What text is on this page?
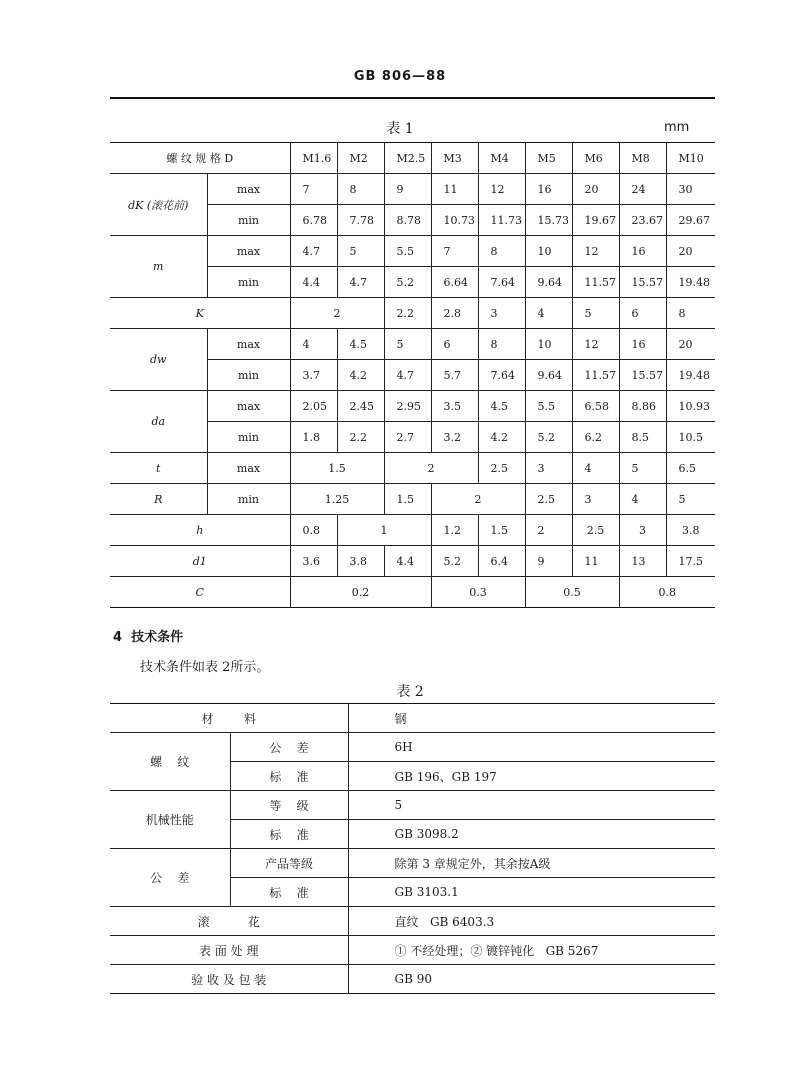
GB 806—88
表 1	mm
螺 纹 规 格 D		M1.6	M2	M2.5	M3	M4	M5	M6	M8	M10
dK (滚花前)	max	7	8	9	11	12	16	20	24	30
	min	6.78	7.78	8.78	10.73	11.73	15.73	19.67	23.67	29.67
m	max	4.7	5	5.5	7	8	10	12	16	20
	min	4.4	4.7	5.2	6.64	7.64	9.64	11.57	15.57	19.48
K		2		2.2	2.8	3	4	5	6	8
dw	max	4	4.5	5	6	8	10	12	16	20
	min	3.7	4.2	4.7	5.7	7.64	9.64	11.57	15.57	19.48
da	max	2.05	2.45	2.95	3.5	4.5	5.5	6.58	8.86	10.93
	min	1.8	2.2	2.7	3.2	4.2	5.2	6.2	8.5	10.5
t	max	1.5		2		2.5	3	4	5	6.5
R	min	1.25		1.5	2		2.5	3	4	5
h		0.8	1		1.2	1.5	2	2.5	3	3.8
d1		3.6	3.8	4.4	5.2	6.4	9	11	13	17.5
C		0.2			0.3		0.5		0.8	
4  技术条件
技术条件如表 2所示。
表 2
材        料		钢
螺    纹	公    差	6H
	标    准	GB 196、GB 197
机械性能	等    级	5
	标    准	GB 3098.2
公    差	产品等级	除第 3 章规定外，其余按A级
	标    准	GB 3103.1
滚          花		直纹   GB 6403.3
表 面 处 理		① 不经处理；② 镀锌钝化   GB 5267
验 收 及 包 装		GB 90
